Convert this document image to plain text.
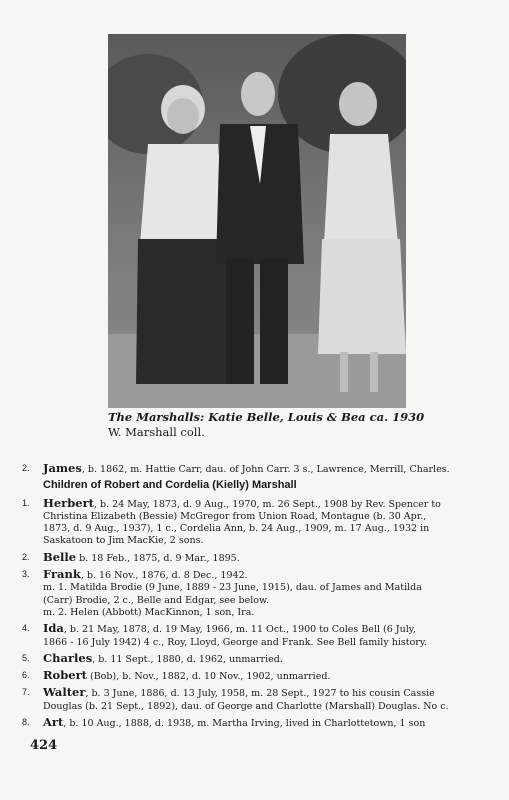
The Marshalls: Katie Belle, Louis & Bea ca. 1930
W. Marshall coll.
2.	James, b. 1862, m. Hattie Carr, dau. of John Carr. 3 s., Lawrence, Merrill, Charles.
Children of Robert and Cordelia (Kielly) Marshall
1.	Herbert, b. 24 May, 1873, d. 9 Aug., 1970, m. 26 Sept., 1908 by Rev. Spencer to
Christina Elizabeth (Bessie) McGregor from Union Road, Montague (b. 30 Apr.,
1873, d. 9 Aug., 1937), 1 c., Cordelia Ann, b. 24 Aug., 1909, m. 17 Aug., 1932 in
Saskatoon to Jim MacKie, 2 sons.
2.	Belle b. 18 Feb., 1875, d. 9 Mar., 1895.
3.	Frank, b. 16 Nov., 1876, d. 8 Dec., 1942.
m. 1. Matilda Brodie (9 June, 1889 - 23 June, 1915), dau. of James and Matilda
(Carr) Brodie, 2 c., Belle and Edgar, see below.
m. 2. Helen (Abbott) MacKinnon, 1 son, Ira.
4.	Ida, b. 21 May, 1878, d. 19 May, 1966, m. 11 Oct., 1900 to Coles Bell (6 July,
1866 - 16 July 1942) 4 c., Roy, Lloyd, George and Frank. See Bell family history.
5.	Charles, b. 11 Sept., 1880, d. 1962, unmarried.
6.	Robert (Bob), b. Nov., 1882, d. 10 Nov., 1902, unmarried.
7.	Walter, b. 3 June, 1886, d. 13 July, 1958, m. 28 Sept., 1927 to his cousin Cassie
Douglas (b. 21 Sept., 1892), dau. of George and Charlotte (Marshall) Douglas. No c.
8.	Art, b. 10 Aug., 1888, d. 1938, m. Martha Irving, lived in Charlottetown, 1 son
424
